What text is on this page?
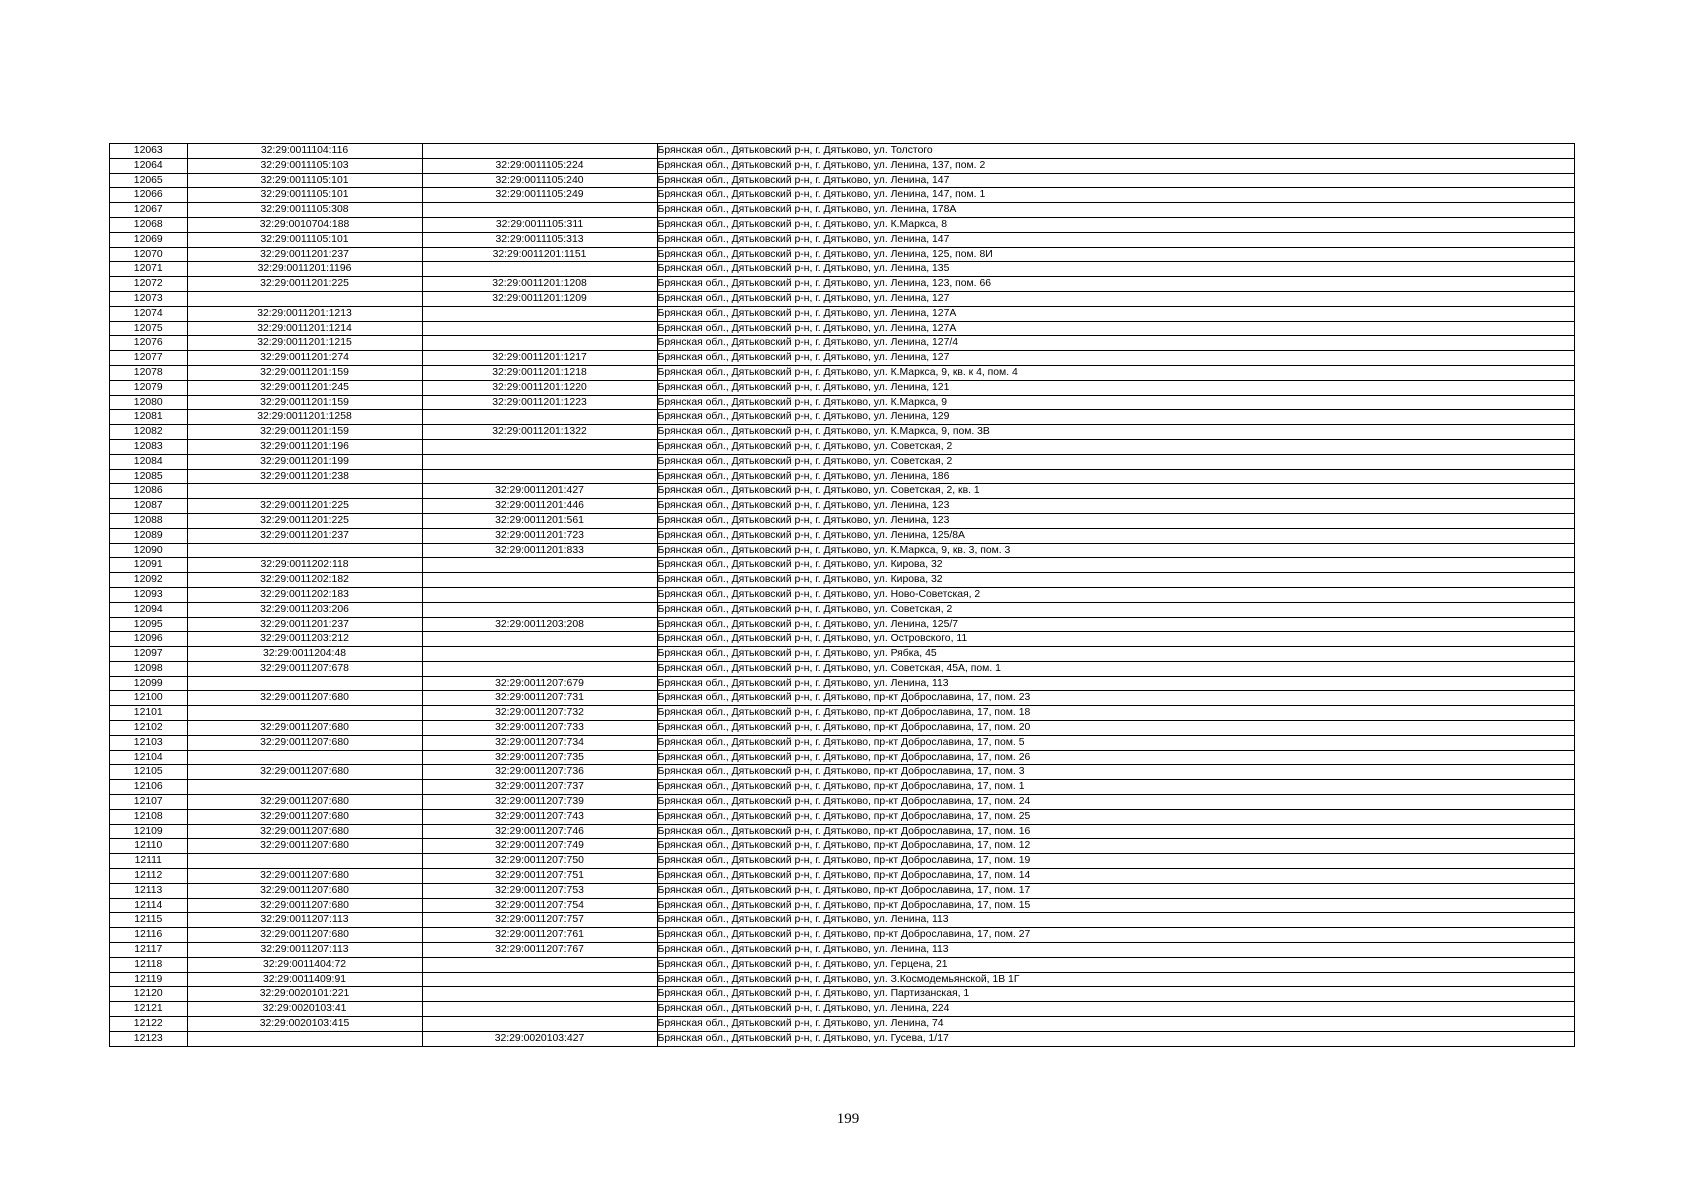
12063	32:29:0011104:116		Брянская обл., Дятьковский р-н, г. Дятьково, ул. Толстого
12064	32:29:0011105:103	32:29:0011105:224	Брянская обл., Дятьковский р-н, г. Дятьково, ул. Ленина, 137, пом. 2
12065	32:29:0011105:101	32:29:0011105:240	Брянская обл., Дятьковский р-н, г. Дятьково, ул. Ленина, 147
12066	32:29:0011105:101	32:29:0011105:249	Брянская обл., Дятьковский р-н, г. Дятьково, ул. Ленина, 147, пом. 1
12067	32:29:0011105:308		Брянская обл., Дятьковский р-н, г. Дятьково, ул. Ленина, 178А
12068	32:29:0010704:188	32:29:0011105:311	Брянская обл., Дятьковский р-н, г. Дятьково, ул. К.Маркса, 8
12069	32:29:0011105:101	32:29:0011105:313	Брянская обл., Дятьковский р-н, г. Дятьково, ул. Ленина, 147
12070	32:29:0011201:237	32:29:0011201:1151	Брянская обл., Дятьковский р-н, г. Дятьково, ул. Ленина, 125, пом. 8И
12071	32:29:0011201:1196		Брянская обл., Дятьковский р-н, г. Дятьково, ул. Ленина, 135
12072	32:29:0011201:225	32:29:0011201:1208	Брянская обл., Дятьковский р-н, г. Дятьково, ул. Ленина, 123, пом. 66
12073		32:29:0011201:1209	Брянская обл., Дятьковский р-н, г. Дятьково, ул. Ленина, 127
12074	32:29:0011201:1213		Брянская обл., Дятьковский р-н, г. Дятьково, ул. Ленина, 127А
12075	32:29:0011201:1214		Брянская обл., Дятьковский р-н, г. Дятьково, ул. Ленина, 127А
12076	32:29:0011201:1215		Брянская обл., Дятьковский р-н, г. Дятьково, ул. Ленина, 127/4
12077	32:29:0011201:274	32:29:0011201:1217	Брянская обл., Дятьковский р-н, г. Дятьково, ул. Ленина, 127
12078	32:29:0011201:159	32:29:0011201:1218	Брянская обл., Дятьковский р-н, г. Дятьково, ул. К.Маркса, 9, кв. к 4, пом. 4
12079	32:29:0011201:245	32:29:0011201:1220	Брянская обл., Дятьковский р-н, г. Дятьково, ул. Ленина, 121
12080	32:29:0011201:159	32:29:0011201:1223	Брянская обл., Дятьковский р-н, г. Дятьково, ул. К.Маркса, 9
12081	32:29:0011201:1258		Брянская обл., Дятьковский р-н, г. Дятьково, ул. Ленина, 129
12082	32:29:0011201:159	32:29:0011201:1322	Брянская обл., Дятьковский р-н, г. Дятьково, ул. К.Маркса, 9, пом. 3В
12083	32:29:0011201:196		Брянская обл., Дятьковский р-н, г. Дятьково, ул. Советская, 2
12084	32:29:0011201:199		Брянская обл., Дятьковский р-н, г. Дятьково, ул. Советская, 2
12085	32:29:0011201:238		Брянская обл., Дятьковский р-н, г. Дятьково, ул. Ленина, 186
12086		32:29:0011201:427	Брянская обл., Дятьковский р-н, г. Дятьково, ул. Советская, 2, кв. 1
12087	32:29:0011201:225	32:29:0011201:446	Брянская обл., Дятьковский р-н, г. Дятьково, ул. Ленина, 123
12088	32:29:0011201:225	32:29:0011201:561	Брянская обл., Дятьковский р-н, г. Дятьково, ул. Ленина, 123
12089	32:29:0011201:237	32:29:0011201:723	Брянская обл., Дятьковский р-н, г. Дятьково, ул. Ленина, 125/8А
12090		32:29:0011201:833	Брянская обл., Дятьковский р-н, г. Дятьково, ул. К.Маркса, 9, кв. 3, пом. 3
12091	32:29:0011202:118		Брянская обл., Дятьковский р-н, г. Дятьково, ул. Кирова, 32
12092	32:29:0011202:182		Брянская обл., Дятьковский р-н, г. Дятьково, ул. Кирова, 32
12093	32:29:0011202:183		Брянская обл., Дятьковский р-н, г. Дятьково, ул. Ново-Советская, 2
12094	32:29:0011203:206		Брянская обл., Дятьковский р-н, г. Дятьково, ул. Советская, 2
12095	32:29:0011201:237	32:29:0011203:208	Брянская обл., Дятьковский р-н, г. Дятьково, ул. Ленина, 125/7
12096	32:29:0011203:212		Брянская обл., Дятьковский р-н, г. Дятьково, ул. Островского, 11
12097	32:29:0011204:48		Брянская обл., Дятьковский р-н, г. Дятьково, ул. Рябка, 45
12098	32:29:0011207:678		Брянская обл., Дятьковский р-н, г. Дятьково, ул. Советская, 45А, пом. 1
12099		32:29:0011207:679	Брянская обл., Дятьковский р-н, г. Дятьково, ул. Ленина, 113
12100	32:29:0011207:680	32:29:0011207:731	Брянская обл., Дятьковский р-н, г. Дятьково, пр-кт Доброславина, 17, пом. 23
12101		32:29:0011207:732	Брянская обл., Дятьковский р-н, г. Дятьково, пр-кт Доброславина, 17, пом. 18
12102	32:29:0011207:680	32:29:0011207:733	Брянская обл., Дятьковский р-н, г. Дятьково, пр-кт Доброславина, 17, пом. 20
12103	32:29:0011207:680	32:29:0011207:734	Брянская обл., Дятьковский р-н, г. Дятьково, пр-кт Доброславина, 17, пом. 5
12104		32:29:0011207:735	Брянская обл., Дятьковский р-н, г. Дятьково, пр-кт Доброславина, 17, пом. 26
12105	32:29:0011207:680	32:29:0011207:736	Брянская обл., Дятьковский р-н, г. Дятьково, пр-кт Доброславина, 17, пом. 3
12106		32:29:0011207:737	Брянская обл., Дятьковский р-н, г. Дятьково, пр-кт Доброславина, 17, пом. 1
12107	32:29:0011207:680	32:29:0011207:739	Брянская обл., Дятьковский р-н, г. Дятьково, пр-кт Доброславина, 17, пом. 24
12108	32:29:0011207:680	32:29:0011207:743	Брянская обл., Дятьковский р-н, г. Дятьково, пр-кт Доброславина, 17, пом. 25
12109	32:29:0011207:680	32:29:0011207:746	Брянская обл., Дятьковский р-н, г. Дятьково, пр-кт Доброславина, 17, пом. 16
12110	32:29:0011207:680	32:29:0011207:749	Брянская обл., Дятьковский р-н, г. Дятьково, пр-кт Доброславина, 17, пом. 12
12111		32:29:0011207:750	Брянская обл., Дятьковский р-н, г. Дятьково, пр-кт Доброславина, 17, пом. 19
12112	32:29:0011207:680	32:29:0011207:751	Брянская обл., Дятьковский р-н, г. Дятьково, пр-кт Доброславина, 17, пом. 14
12113	32:29:0011207:680	32:29:0011207:753	Брянская обл., Дятьковский р-н, г. Дятьково, пр-кт Доброславина, 17, пом. 17
12114	32:29:0011207:680	32:29:0011207:754	Брянская обл., Дятьковский р-н, г. Дятьково, пр-кт Доброславина, 17, пом. 15
12115	32:29:0011207:113	32:29:0011207:757	Брянская обл., Дятьковский р-н, г. Дятьково, ул. Ленина, 113
12116	32:29:0011207:680	32:29:0011207:761	Брянская обл., Дятьковский р-н, г. Дятьково, пр-кт Доброславина, 17, пом. 27
12117	32:29:0011207:113	32:29:0011207:767	Брянская обл., Дятьковский р-н, г. Дятьково, ул. Ленина, 113
12118	32:29:0011404:72		Брянская обл., Дятьковский р-н, г. Дятьково, ул. Герцена, 21
12119	32:29:0011409:91		Брянская обл., Дятьковский р-н, г. Дятьково, ул. З.Космодемьянской, 1В 1Г
12120	32:29:0020101:221		Брянская обл., Дятьковский р-н, г. Дятьково, ул. Партизанская, 1
12121	32:29:0020103:41		Брянская обл., Дятьковский р-н, г. Дятьково, ул. Ленина, 224
12122	32:29:0020103:415		Брянская обл., Дятьковский р-н, г. Дятьково, ул. Ленина, 74
12123		32:29:0020103:427	Брянская обл., Дятьковский р-н, г. Дятьково, ул. Гусева, 1/17
199
